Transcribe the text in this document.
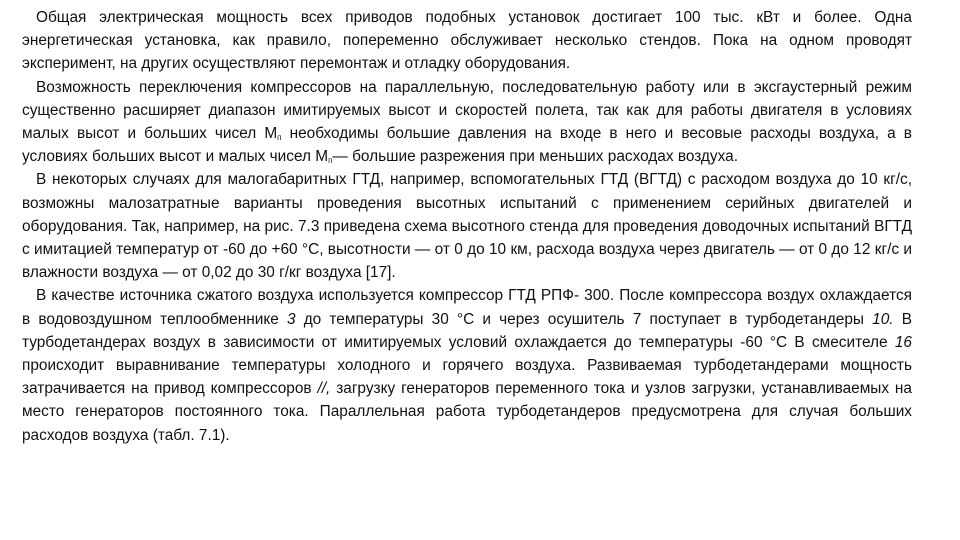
Общая электрическая мощность всех приводов подобных установок достигает 100 тыс. кВт и более. Одна энергетическая установка, как правило, попеременно обслуживает несколько стендов. Пока на одном проводят эксперимент, на других осуществляют перемонтаж и отладку оборудования.

Возможность переключения компрессоров на параллельную, последовательную работу или в эксгаустерный режим существенно расширяет диапазон имитируемых высот и скоростей полета, так как для работы двигателя в условиях малых высот и больших чисел $М_п$ необходимы большие давления на входе в него и весовые расходы воздуха, а в условиях больших высот и малых чисел $М_п—$ большие разрежения при меньших расходах воздуха.

В некоторых случаях для малогабаритных ГТД, например, вспомогательных ГТД (ВГТД) с расходом воздуха до 10 кг/с, возможны малозатратные варианты проведения высотных испытаний с применением серийных двигателей и оборудования. Так, например, на рис. 7.3 приведена схема высотного стенда для проведения доводочных испытаний ВГТД с имитацией температур от -60 до +60 °С, высотности — от 0 до 10 км, расхода воздуха через двигатель — от 0 до 12 кг/с и влажности воздуха — от 0,02 до 30 г/кг воздуха [17].

В качестве источника сжатого воздуха используется компрессор ГТД РПФ- 300. После компрессора воздух охлаждается в водовоздушном теплообменнике 3 до температуры 30 °С и через осушитель 7 поступает в турбодетандеры 10. В турбодетандерах воздух в зависимости от имитируемых условий охлаждается до температуры -60 °С В смесителе 16 происходит выравнивание температуры холодного и горячего воздуха. Развиваемая турбодетандерами мощность затрачивается на привод компрессоров //, загрузку генераторов переменного тока и узлов загрузки, устанавливаемых на место генераторов постоянного тока. Параллельная работа турбодетандеров предусмотрена для случая больших расходов воздуха (табл. 7.1).
